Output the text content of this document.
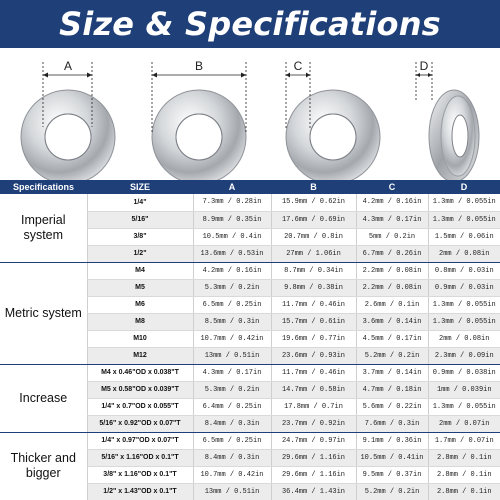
Size & Specifications
A	B	C	D
Specifications	SIZE	A	B	C	D
Imperial system	1/4"	7.3mm / 0.28in	15.9mm / 0.62in	4.2mm / 0.16in	1.3mm / 0.055in
	5/16"	8.9mm / 0.35in	17.6mm / 0.69in	4.3mm / 0.17in	1.3mm / 0.055in
	3/8"	10.5mm / 0.4in	20.7mm / 0.8in	5mm / 0.2in	1.5mm / 0.06in
	1/2"	13.6mm / 0.53in	27mm / 1.06in	6.7mm / 0.26in	2mm / 0.08in
Metric system	M4	4.2mm / 0.16in	8.7mm / 0.34in	2.2mm / 0.08in	0.8mm / 0.03in
	M5	5.3mm / 0.2in	9.8mm / 0.38in	2.2mm / 0.08in	0.9mm / 0.03in
	M6	6.5mm / 0.25in	11.7mm / 0.46in	2.6mm / 0.1in	1.3mm / 0.055in
	M8	8.5mm / 0.3in	15.7mm / 0.61in	3.6mm / 0.14in	1.3mm / 0.055in
	M10	10.7mm / 0.42in	19.6mm / 0.77in	4.5mm / 0.17in	2mm / 0.08in
	M12	13mm / 0.51in	23.6mm / 0.93in	5.2mm / 0.2in	2.3mm / 0.09in
Increase	M4 x 0.46"OD x 0.038"T	4.3mm / 0.17in	11.7mm / 0.46in	3.7mm / 0.14in	0.9mm / 0.038in
	M5 x 0.58"OD x 0.039"T	5.3mm / 0.2in	14.7mm / 0.58in	4.7mm / 0.18in	1mm / 0.039in
	1/4" x 0.7"OD x 0.055"T	6.4mm / 0.25in	17.8mm / 0.7in	5.6mm / 0.22in	1.3mm / 0.055in
	5/16" x 0.92"OD x 0.07"T	8.4mm / 0.3in	23.7mm / 0.92in	7.6mm / 0.3in	2mm / 0.07in
Thicker and bigger	1/4" x 0.97"OD x 0.07"T	6.5mm / 0.25in	24.7mm / 0.97in	9.1mm / 0.36in	1.7mm / 0.07in
	5/16" x 1.16"OD x 0.1"T	8.4mm / 0.3in	29.6mm / 1.16in	10.5mm / 0.41in	2.8mm / 0.1in
	3/8" x 1.16"OD x 0.1"T	10.7mm / 0.42in	29.6mm / 1.16in	9.5mm / 0.37in	2.8mm / 0.1in
	1/2" x 1.43"OD x 0.1"T	13mm / 0.51in	36.4mm / 1.43in	5.2mm / 0.2in	2.8mm / 0.1in
